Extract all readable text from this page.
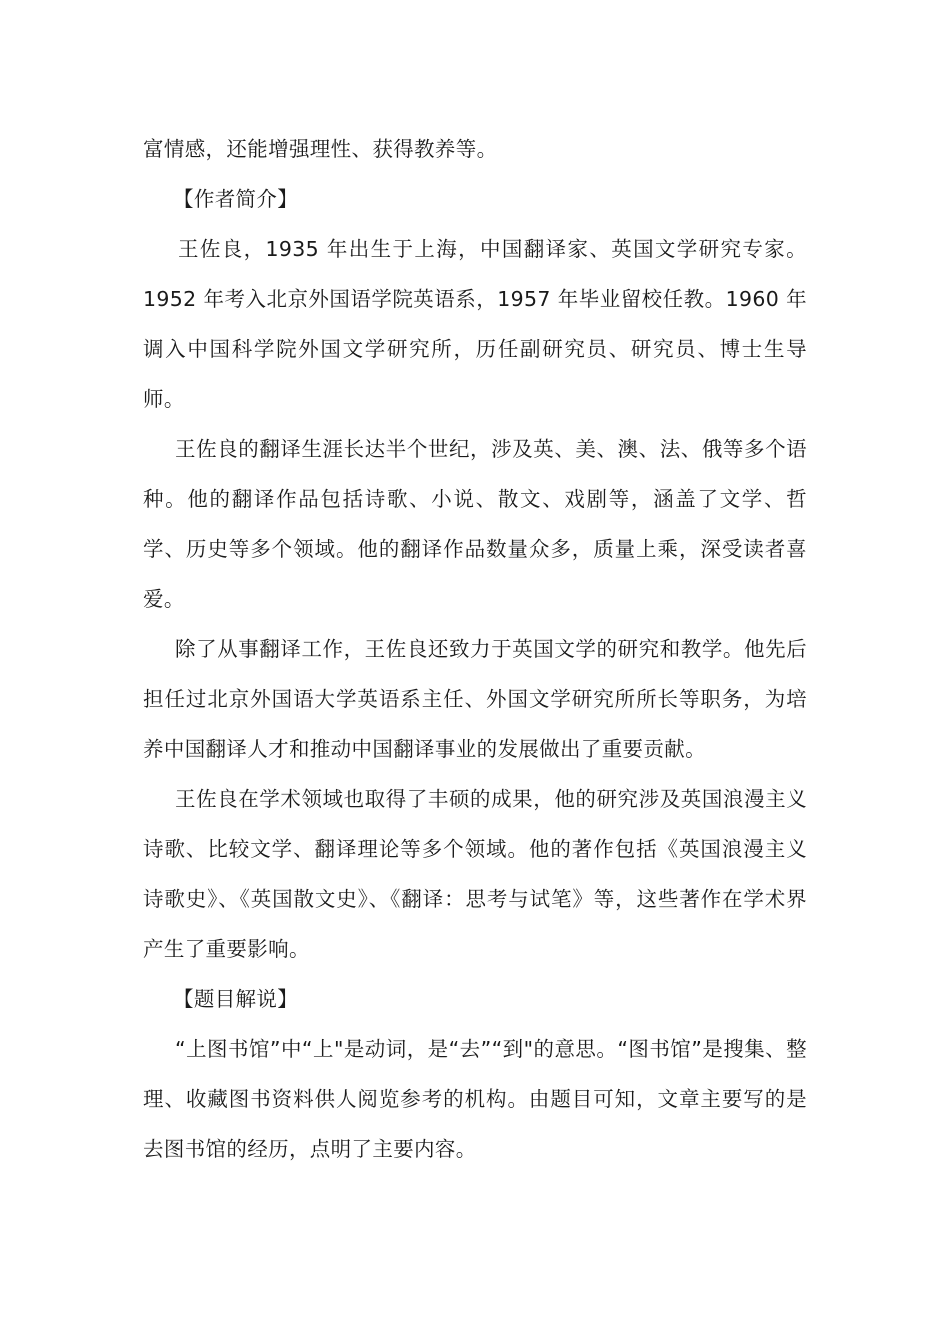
富情感，还能增强理性、获得教养等。

【作者简介】

王佐良，1935 年出生于上海，中国翻译家、英国文学研究专家。1952 年考入北京外国语学院英语系，1957 年毕业留校任教。1960 年调入中国科学院外国文学研究所，历任副研究员、研究员、博士生导师。

王佐良的翻译生涯长达半个世纪，涉及英、美、澳、法、俄等多个语种。他的翻译作品包括诗歌、小说、散文、戏剧等，涵盖了文学、哲学、历史等多个领域。他的翻译作品数量众多，质量上乘，深受读者喜爱。

除了从事翻译工作，王佐良还致力于英国文学的研究和教学。他先后担任过北京外国语大学英语系主任、外国文学研究所所长等职务，为培养中国翻译人才和推动中国翻译事业的发展做出了重要贡献。

王佐良在学术领域也取得了丰硕的成果，他的研究涉及英国浪漫主义诗歌、比较文学、翻译理论等多个领域。他的著作包括《英国浪漫主义诗歌史》、《英国散文史》、《翻译：思考与试笔》等，这些著作在学术界产生了重要影响。

【题目解说】

“上图书馆”中“上"是动词，是“去”“到"的意思。“图书馆”是搜集、整理、收藏图书资料供人阅览参考的机构。由题目可知，文章主要写的是去图书馆的经历，点明了主要内容。
